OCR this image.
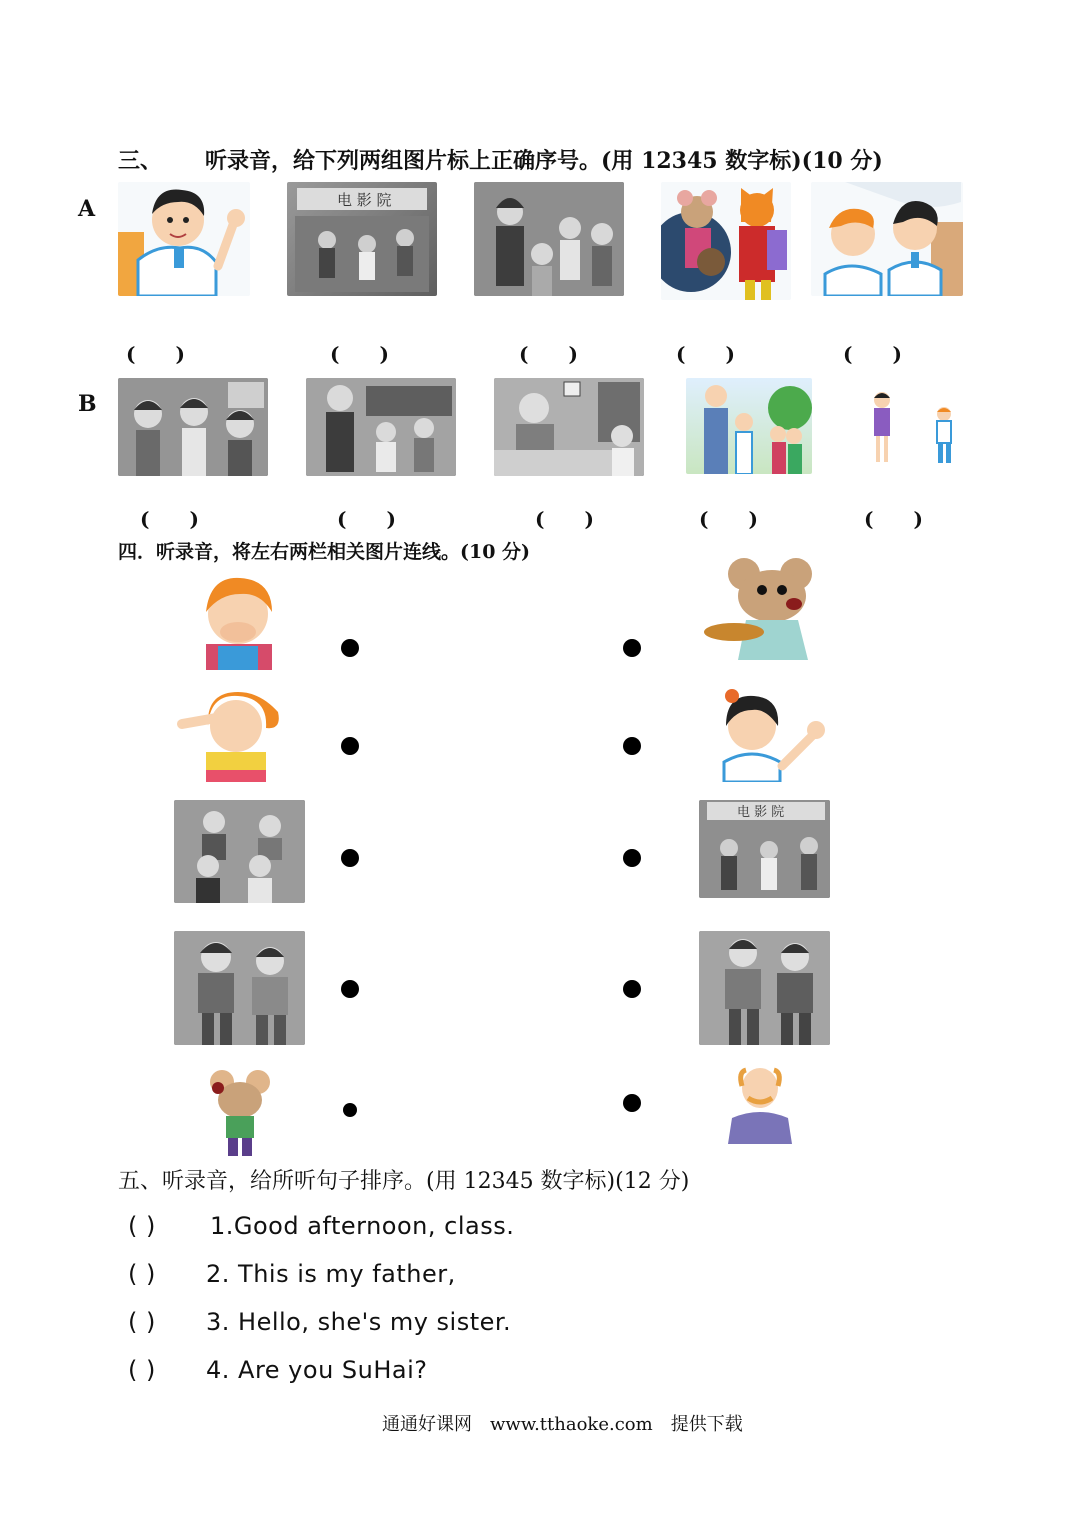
三、 听录音，给下列两组图片标上正确序号。(用 12345 数字标)(10 分)
A	电 影 院
(　　)	(　　)	(　　)	(　　)	(　　)
B
(　　)	(　　)	(　　)	(　　)	(　　)
四．听录音，将左右两栏相关图片连线。(10 分)
电 影 院
五、听录音，给所听句子排序。(用 12345 数字标)(12 分)
( ) 1.Good afternoon, class.
( ) 2. This is my father,
( ) 3. Hello, she's my sister.
( ) 4. Are you SuHai?
通通好课网　www.tthaoke.com　提供下载
